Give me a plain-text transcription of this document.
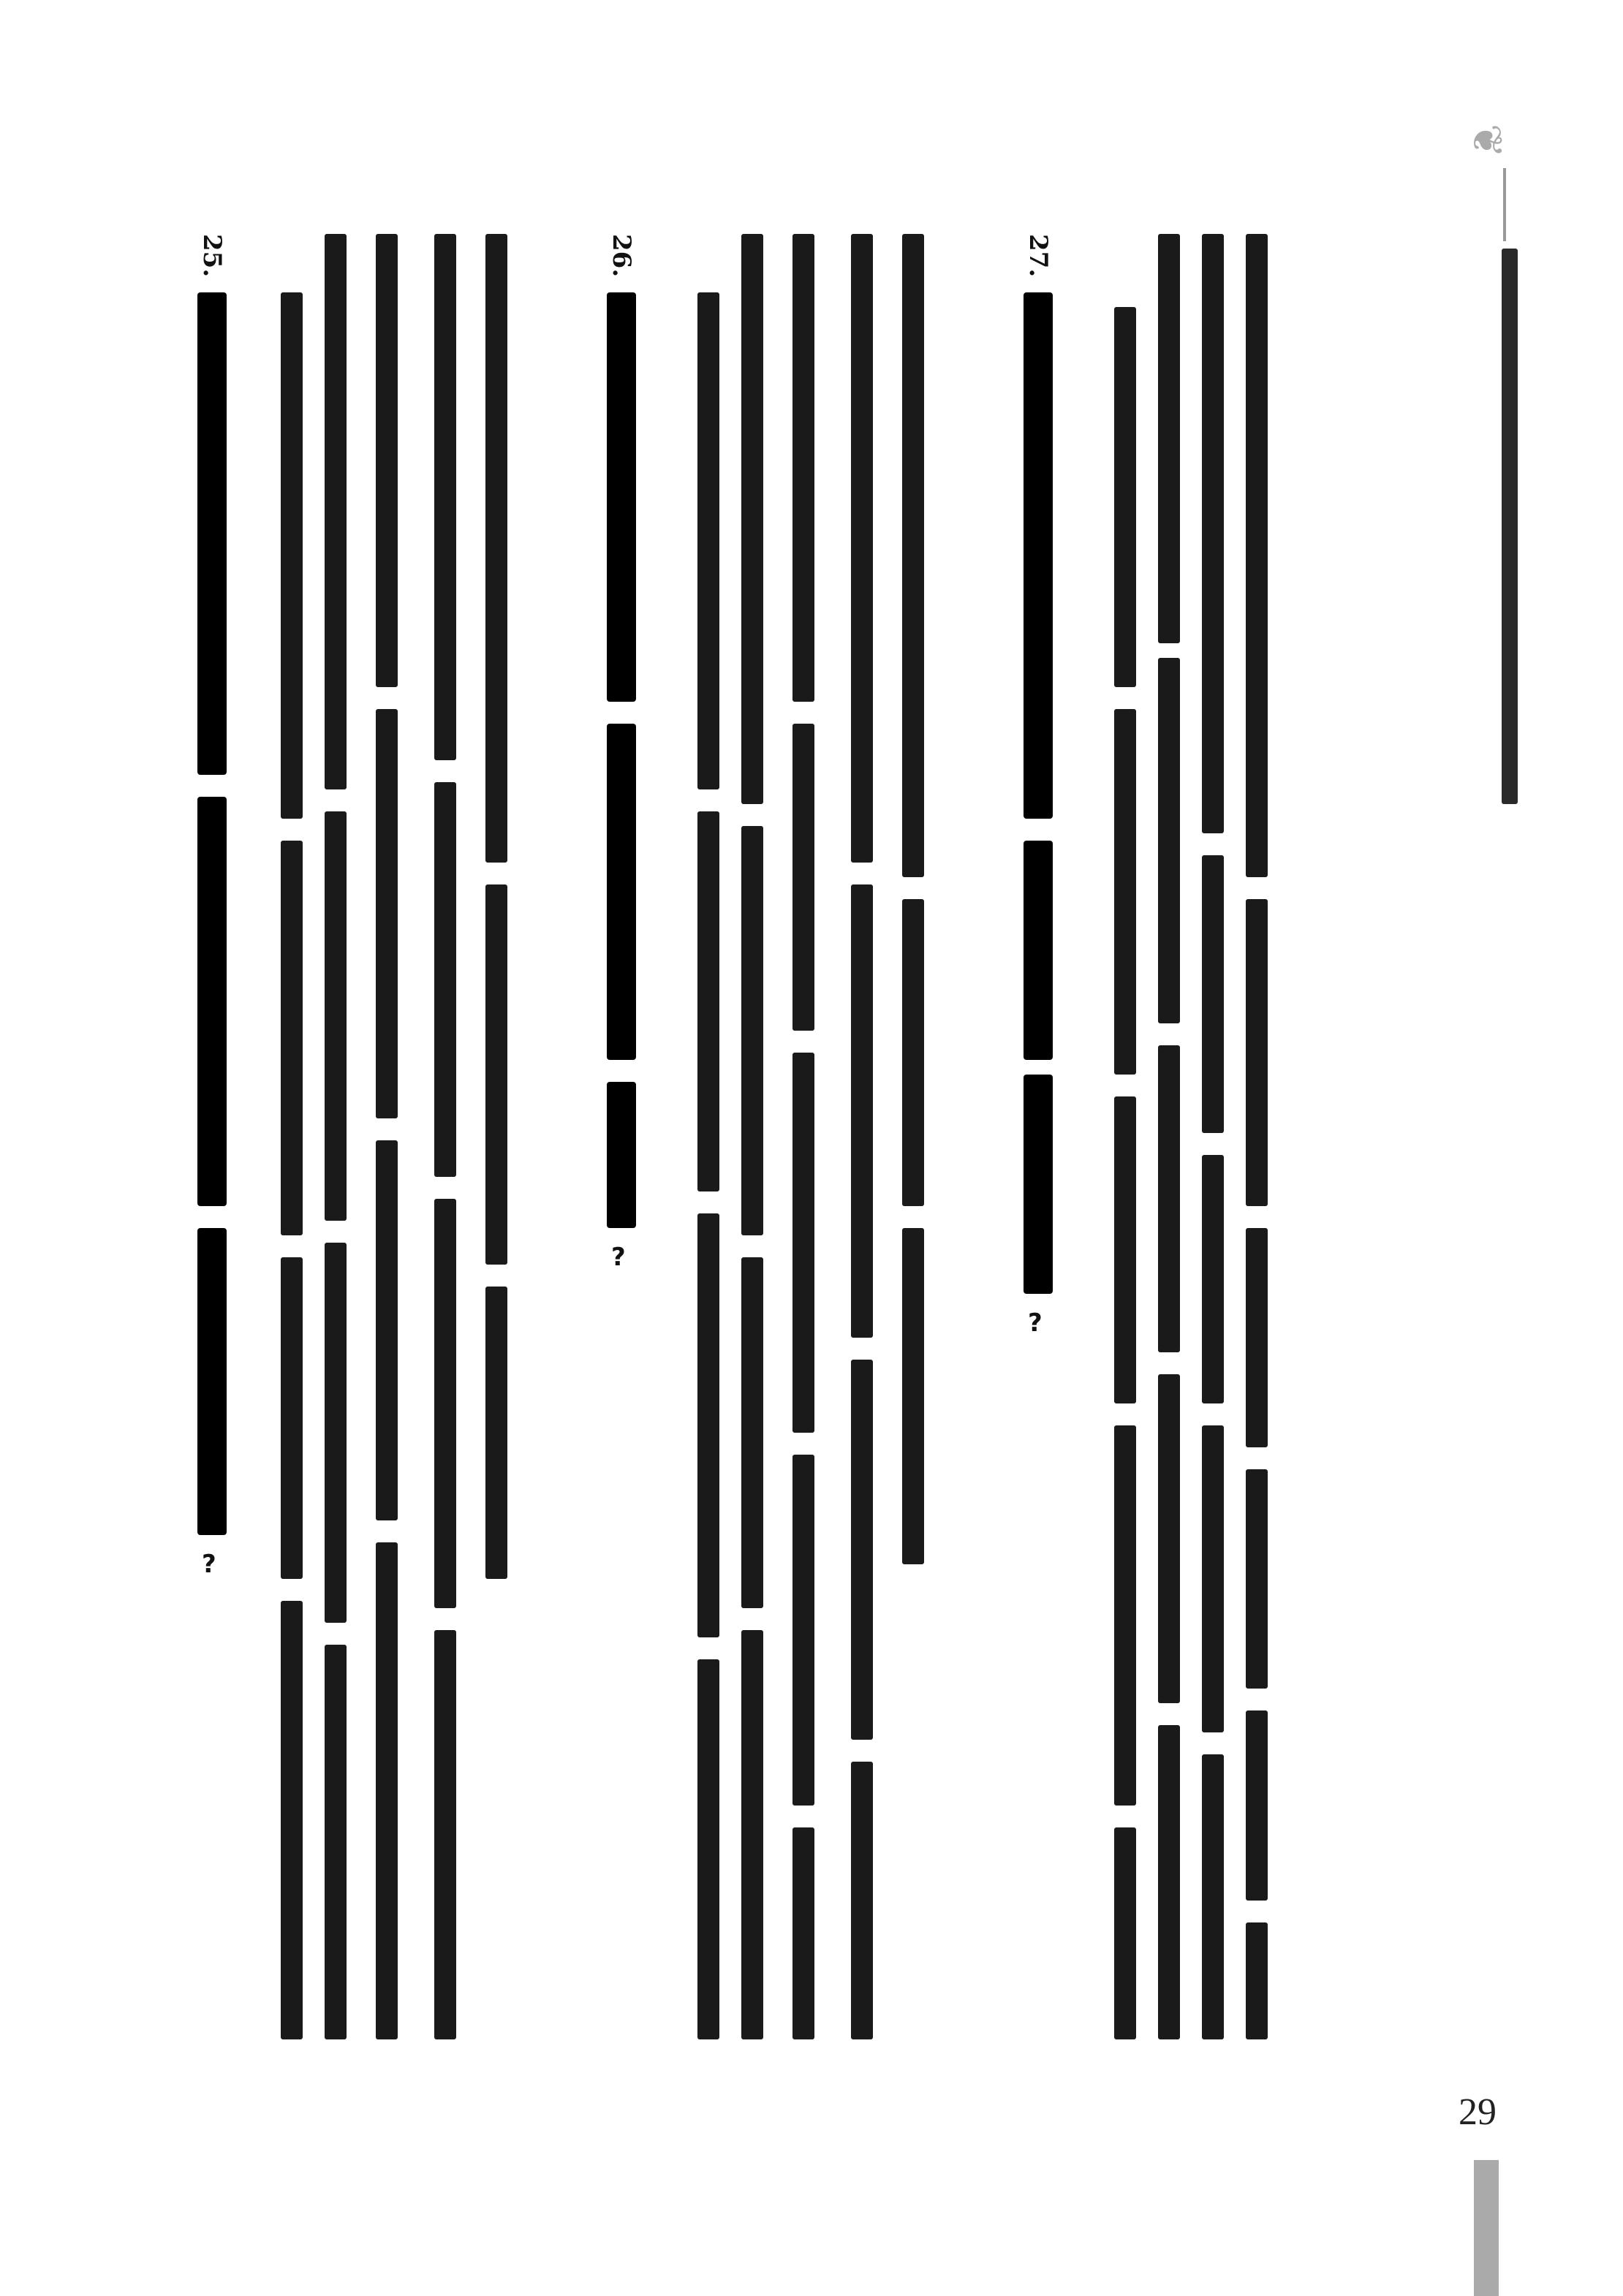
❦
27.
?
26.
?
25.
?
29
